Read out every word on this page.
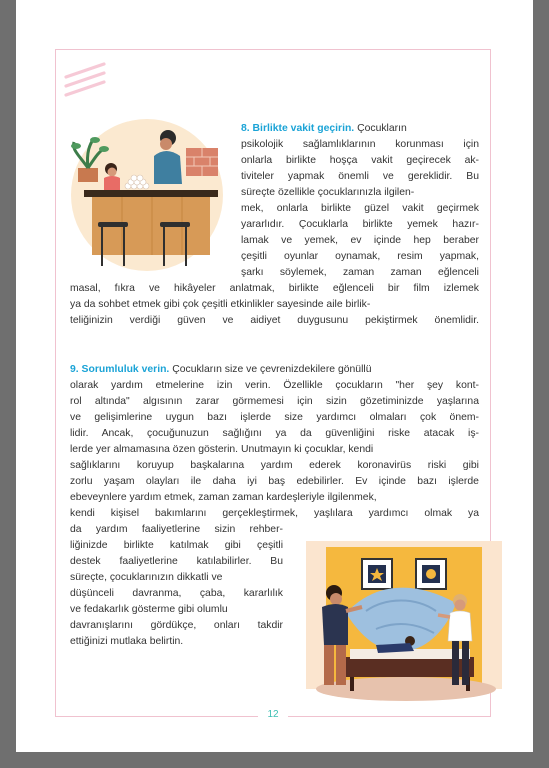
8. Birlikte vakit geçirin. Çocukların

psikolojik sağlamlıklarının korunması için

onlarla birlikte hoşça vakit geçirecek ak-

tiviteler yapmak önemli ve gereklidir. Bu

süreçte özellikle çocuklarınızla ilgilen-

mek, onlarla birlikte güzel vakit geçirmek

yararlıdır. Çocuklarla birlikte yemek hazır-

lamak ve yemek, ev içinde hep beraber

çeşitli oyunlar oynamak, resim yapmak,

şarkı söylemek, zaman zaman eğlenceli

masal, fıkra ve hikâyeler anlatmak, birlikte eğlenceli bir film izlemek

ya da sohbet etmek gibi çok çeşitli etkinlikler sayesinde aile birlik-

teliğinizin verdiği güven ve aidiyet duygusunu pekiştirmek önemlidir.

9. Sorumluluk verin. Çocukların size ve çevrenizdekilere gönüllü

olarak yardım etmelerine izin verin. Özellikle çocukların "her şey kont-

rol altında" algısının zarar görmemesi için sizin gözetiminizde yaşlarına

ve gelişimlerine uygun bazı işlerde size yardımcı olmaları çok önem-

lidir. Ancak, çocuğunuzun sağlığını ya da güvenliğini riske atacak iş-

lerde yer almamasına özen gösterin. Unutmayın ki çocuklar, kendi

sağlıklarını koruyup başkalarına yardım ederek koronavirüs riski gibi

zorlu yaşam olayları ile daha iyi baş edebilirler. Ev içinde bazı işlerde

ebeveynlere yardım etmek, zaman zaman kardeşleriyle ilgilenmek,

kendi kişisel bakımlarını gerçekleştirmek, yaşlılara yardımcı olmak ya

da yardım faaliyetlerine sizin rehber-

liğinizde birlikte katılmak gibi çeşitli

destek faaliyetlerine katılabilirler. Bu

süreçte, çocuklarınızın dikkatli ve

düşünceli davranma, çaba, kararlılık

ve fedakarlık gösterme gibi olumlu

davranışlarını gördükçe, onları takdir

ettiğinizi mutlaka belirtin.

12
